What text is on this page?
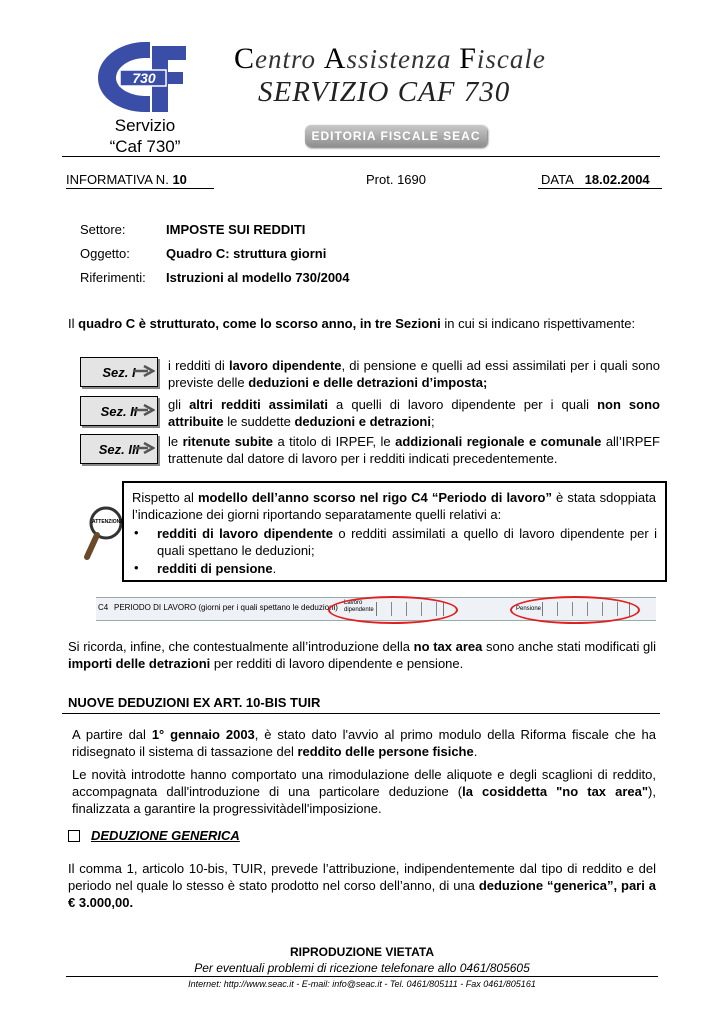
730
Servizio
“Caf 730”
Centro Assistenza Fiscale
SERVIZIO CAF 730
EDITORIA FISCALE SEAC
INFORMATIVA N. 10	Prot. 1690	DATA 18.02.2004
Settore:	IMPOSTE SUI REDDITI
Oggetto:	Quadro C: struttura giorni
Riferimenti: Istruzioni al modello 730/2004
Il quadro C è strutturato, come lo scorso anno, in tre Sezioni in cui si indicano rispettivamente:
Sez. I i redditi di lavoro dipendente, di pensione e quelli ad essi assimilati per i quali sono previste delle deduzioni e delle detrazioni d’imposta;
Sez. II gli altri redditi assimilati a quelli di lavoro dipendente per i quali non sono attribuite le suddette deduzioni e detrazioni;
Sez. III le ritenute subite a titolo di IRPEF, le addizionali regionale e comunale all’IRPEF trattenute dal datore di lavoro per i redditi indicati precedentemente.
ATTENZIONE
Rispetto al modello dell’anno scorso nel rigo C4 “Periodo di lavoro” è stata sdoppiata l’indicazione dei giorni riportando separatamente quelli relativi a:
• redditi di lavoro dipendente o redditi assimilati a quello di lavoro dipendente per i quali spettano le deduzioni;
• redditi di pensione.
C4 PERIODO DI LAVORO (giorni per i quali spettano le deduzioni) Lavoro dipendente	Pensione
Si ricorda, infine, che contestualmente all’introduzione della no tax area sono anche stati modificati gli importi delle detrazioni per redditi di lavoro dipendente e pensione.
NUOVE DEDUZIONI EX ART. 10-BIS TUIR
A partire dal 1° gennaio 2003, è stato dato l'avvio al primo modulo della Riforma fiscale che ha ridisegnato il sistema di tassazione del reddito delle persone fisiche.
Le novità introdotte hanno comportato una rimodulazione delle aliquote e degli scaglioni di reddito, accompagnata dall'introduzione di una particolare deduzione (la cosiddetta "no tax area"), finalizzata a garantire la progressivitàdell'imposizione.
DEDUZIONE GENERICA
Il comma 1, articolo 10-bis, TUIR, prevede l’attribuzione, indipendentemente dal tipo di reddito e del periodo nel quale lo stesso è stato prodotto nel corso dell’anno, di una deduzione “generica”, pari a € 3.000,00.
RIPRODUZIONE VIETATA
Per eventuali problemi di ricezione telefonare allo 0461/805605
Internet: http://www.seac.it - E-mail: info@seac.it - Tel. 0461/805111 - Fax 0461/805161
